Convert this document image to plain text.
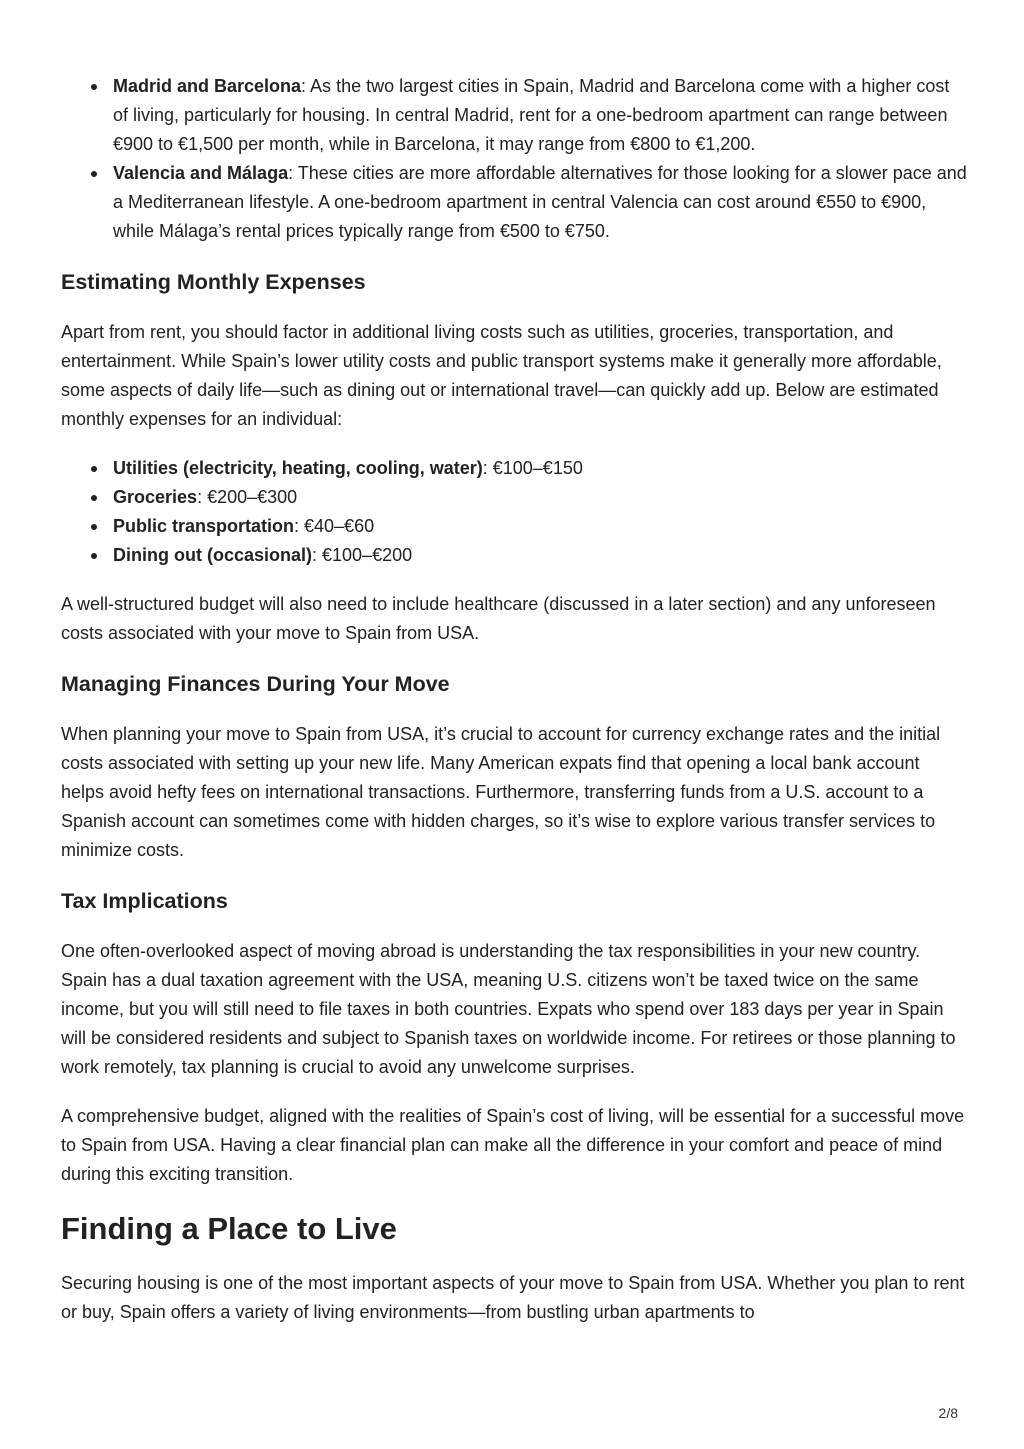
Madrid and Barcelona: As the two largest cities in Spain, Madrid and Barcelona come with a higher cost of living, particularly for housing. In central Madrid, rent for a one-bedroom apartment can range between €900 to €1,500 per month, while in Barcelona, it may range from €800 to €1,200.
Valencia and Málaga: These cities are more affordable alternatives for those looking for a slower pace and a Mediterranean lifestyle. A one-bedroom apartment in central Valencia can cost around €550 to €900, while Málaga’s rental prices typically range from €500 to €750.
Estimating Monthly Expenses

Apart from rent, you should factor in additional living costs such as utilities, groceries, transportation, and entertainment. While Spain’s lower utility costs and public transport systems make it generally more affordable, some aspects of daily life—such as dining out or international travel—can quickly add up. Below are estimated monthly expenses for an individual:

Utilities (electricity, heating, cooling, water): €100–€150
Groceries: €200–€300
Public transportation: €40–€60
Dining out (occasional): €100–€200

A well-structured budget will also need to include healthcare (discussed in a later section) and any unforeseen costs associated with your move to Spain from USA.

Managing Finances During Your Move

When planning your move to Spain from USA, it’s crucial to account for currency exchange rates and the initial costs associated with setting up your new life. Many American expats find that opening a local bank account helps avoid hefty fees on international transactions. Furthermore, transferring funds from a U.S. account to a Spanish account can sometimes come with hidden charges, so it’s wise to explore various transfer services to minimize costs.

Tax Implications

One often-overlooked aspect of moving abroad is understanding the tax responsibilities in your new country. Spain has a dual taxation agreement with the USA, meaning U.S. citizens won’t be taxed twice on the same income, but you will still need to file taxes in both countries. Expats who spend over 183 days per year in Spain will be considered residents and subject to Spanish taxes on worldwide income. For retirees or those planning to work remotely, tax planning is crucial to avoid any unwelcome surprises.

A comprehensive budget, aligned with the realities of Spain’s cost of living, will be essential for a successful move to Spain from USA. Having a clear financial plan can make all the difference in your comfort and peace of mind during this exciting transition.

Finding a Place to Live

Securing housing is one of the most important aspects of your move to Spain from USA. Whether you plan to rent or buy, Spain offers a variety of living environments—from bustling urban apartments to

2/8
